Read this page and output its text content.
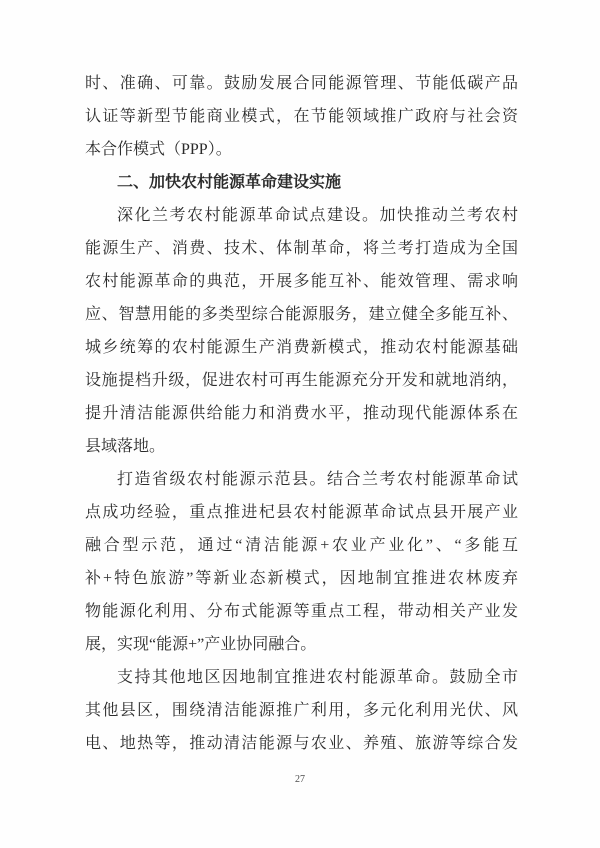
时、准确、可靠。鼓励发展合同能源管理、节能低碳产品
认证等新型节能商业模式，在节能领域推广政府与社会资
本合作模式（PPP）。
二、加快农村能源革命建设实施
深化兰考农村能源革命试点建设。加快推动兰考农村
能源生产、消费、技术、体制革命，将兰考打造成为全国
农村能源革命的典范，开展多能互补、能效管理、需求响
应、智慧用能的多类型综合能源服务，建立健全多能互补、
城乡统筹的农村能源生产消费新模式，推动农村能源基础
设施提档升级，促进农村可再生能源充分开发和就地消纳，
提升清洁能源供给能力和消费水平，推动现代能源体系在
县域落地。
打造省级农村能源示范县。结合兰考农村能源革命试
点成功经验，重点推进杞县农村能源革命试点县开展产业
融合型示范，通过“清洁能源+农业产业化”、“多能互
补+特色旅游”等新业态新模式，因地制宜推进农林废弃
物能源化利用、分布式能源等重点工程，带动相关产业发
展，实现“能源+”产业协同融合。
支持其他地区因地制宜推进农村能源革命。鼓励全市
其他县区，围绕清洁能源推广利用，多元化利用光伏、风
电、地热等，推动清洁能源与农业、养殖、旅游等综合发
27
